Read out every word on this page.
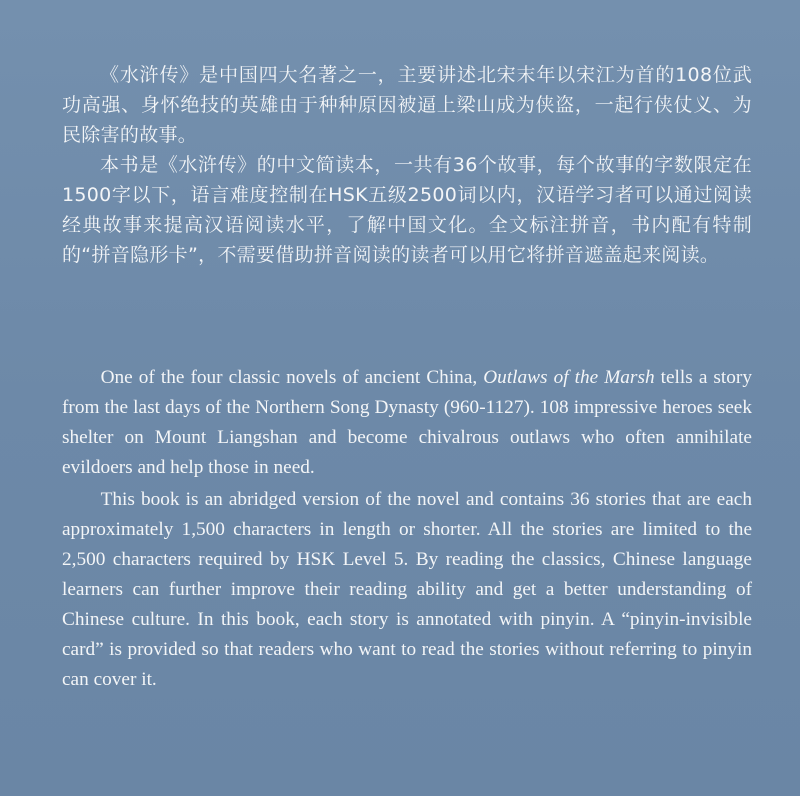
《水浒传》是中国四大名著之一，主要讲述北宋末年以宋江为首的108位武功高强、身怀绝技的英雄由于种种原因被逼上梁山成为侠盗，一起行侠仗义、为民除害的故事。

本书是《水浒传》的中文简读本，一共有36个故事，每个故事的字数限定在1500字以下，语言难度控制在HSK五级2500词以内，汉语学习者可以通过阅读经典故事来提高汉语阅读水平，了解中国文化。全文标注拼音，书内配有特制的“拼音隐形卡”，不需要借助拼音阅读的读者可以用它将拼音遮盖起来阅读。

One of the four classic novels of ancient China, Outlaws of the Marsh tells a story from the last days of the Northern Song Dynasty (960-1127). 108 impressive heroes seek shelter on Mount Liangshan and become chivalrous outlaws who often annihilate evildoers and help those in need.

This book is an abridged version of the novel and contains 36 stories that are each approximately 1,500 characters in length or shorter. All the stories are limited to the 2,500 characters required by HSK Level 5. By reading the classics, Chinese language learners can further improve their reading ability and get a better understanding of Chinese culture. In this book, each story is annotated with pinyin. A “pinyin-invisible card” is provided so that readers who want to read the stories without referring to pinyin can cover it.
